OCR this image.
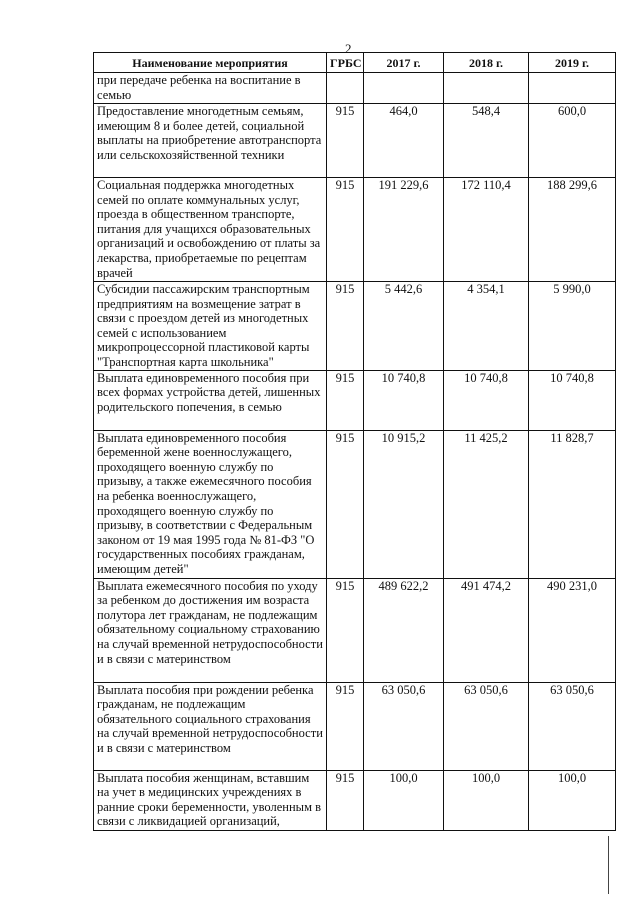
2
Наименование мероприятия	ГРБС	2017 г.	2018 г.	2019 г.
при передаче ребенка на воспитание в семью				
Предоставление многодетным семьям, имеющим 8 и более детей, социальной выплаты на приобретение автотранспорта или сельскохозяйственной техники	915	464,0	548,4	600,0
Социальная поддержка многодетных семей по оплате коммунальных услуг, проезда в общественном транспорте, питания для учащихся образовательных организаций и освобождению от платы за лекарства, приобретаемые по рецептам врачей	915	191 229,6	172 110,4	188 299,6
Субсидии пассажирским транспортным предприятиям на возмещение затрат в связи с проездом детей из многодетных семей с использованием микропроцессорной пластиковой карты "Транспортная карта школьника"	915	5 442,6	4 354,1	5 990,0
Выплата единовременного пособия при всех формах устройства детей, лишенных родительского попечения, в семью	915	10 740,8	10 740,8	10 740,8
Выплата единовременного пособия беременной жене военнослужащего, проходящего военную службу по призыву, а также ежемесячного пособия на ребенка военнослужащего, проходящего военную службу по призыву, в соответствии с Федеральным законом от 19 мая 1995 года № 81-ФЗ "О государственных пособиях гражданам, имеющим детей"	915	10 915,2	11 425,2	11 828,7
Выплата ежемесячного пособия по уходу за ребенком до достижения им возраста полутора лет гражданам, не подлежащим обязательному социальному страхованию на случай временной нетрудоспособности и в связи с материнством	915	489 622,2	491 474,2	490 231,0
Выплата пособия при рождении ребенка гражданам, не подлежащим обязательного социального страхования на случай временной нетрудоспособности и в связи с материнством	915	63 050,6	63 050,6	63 050,6
Выплата пособия женщинам, вставшим на учет в медицинских учреждениях в ранние сроки беременности, уволенным в связи с ликвидацией организаций,	915	100,0	100,0	100,0
